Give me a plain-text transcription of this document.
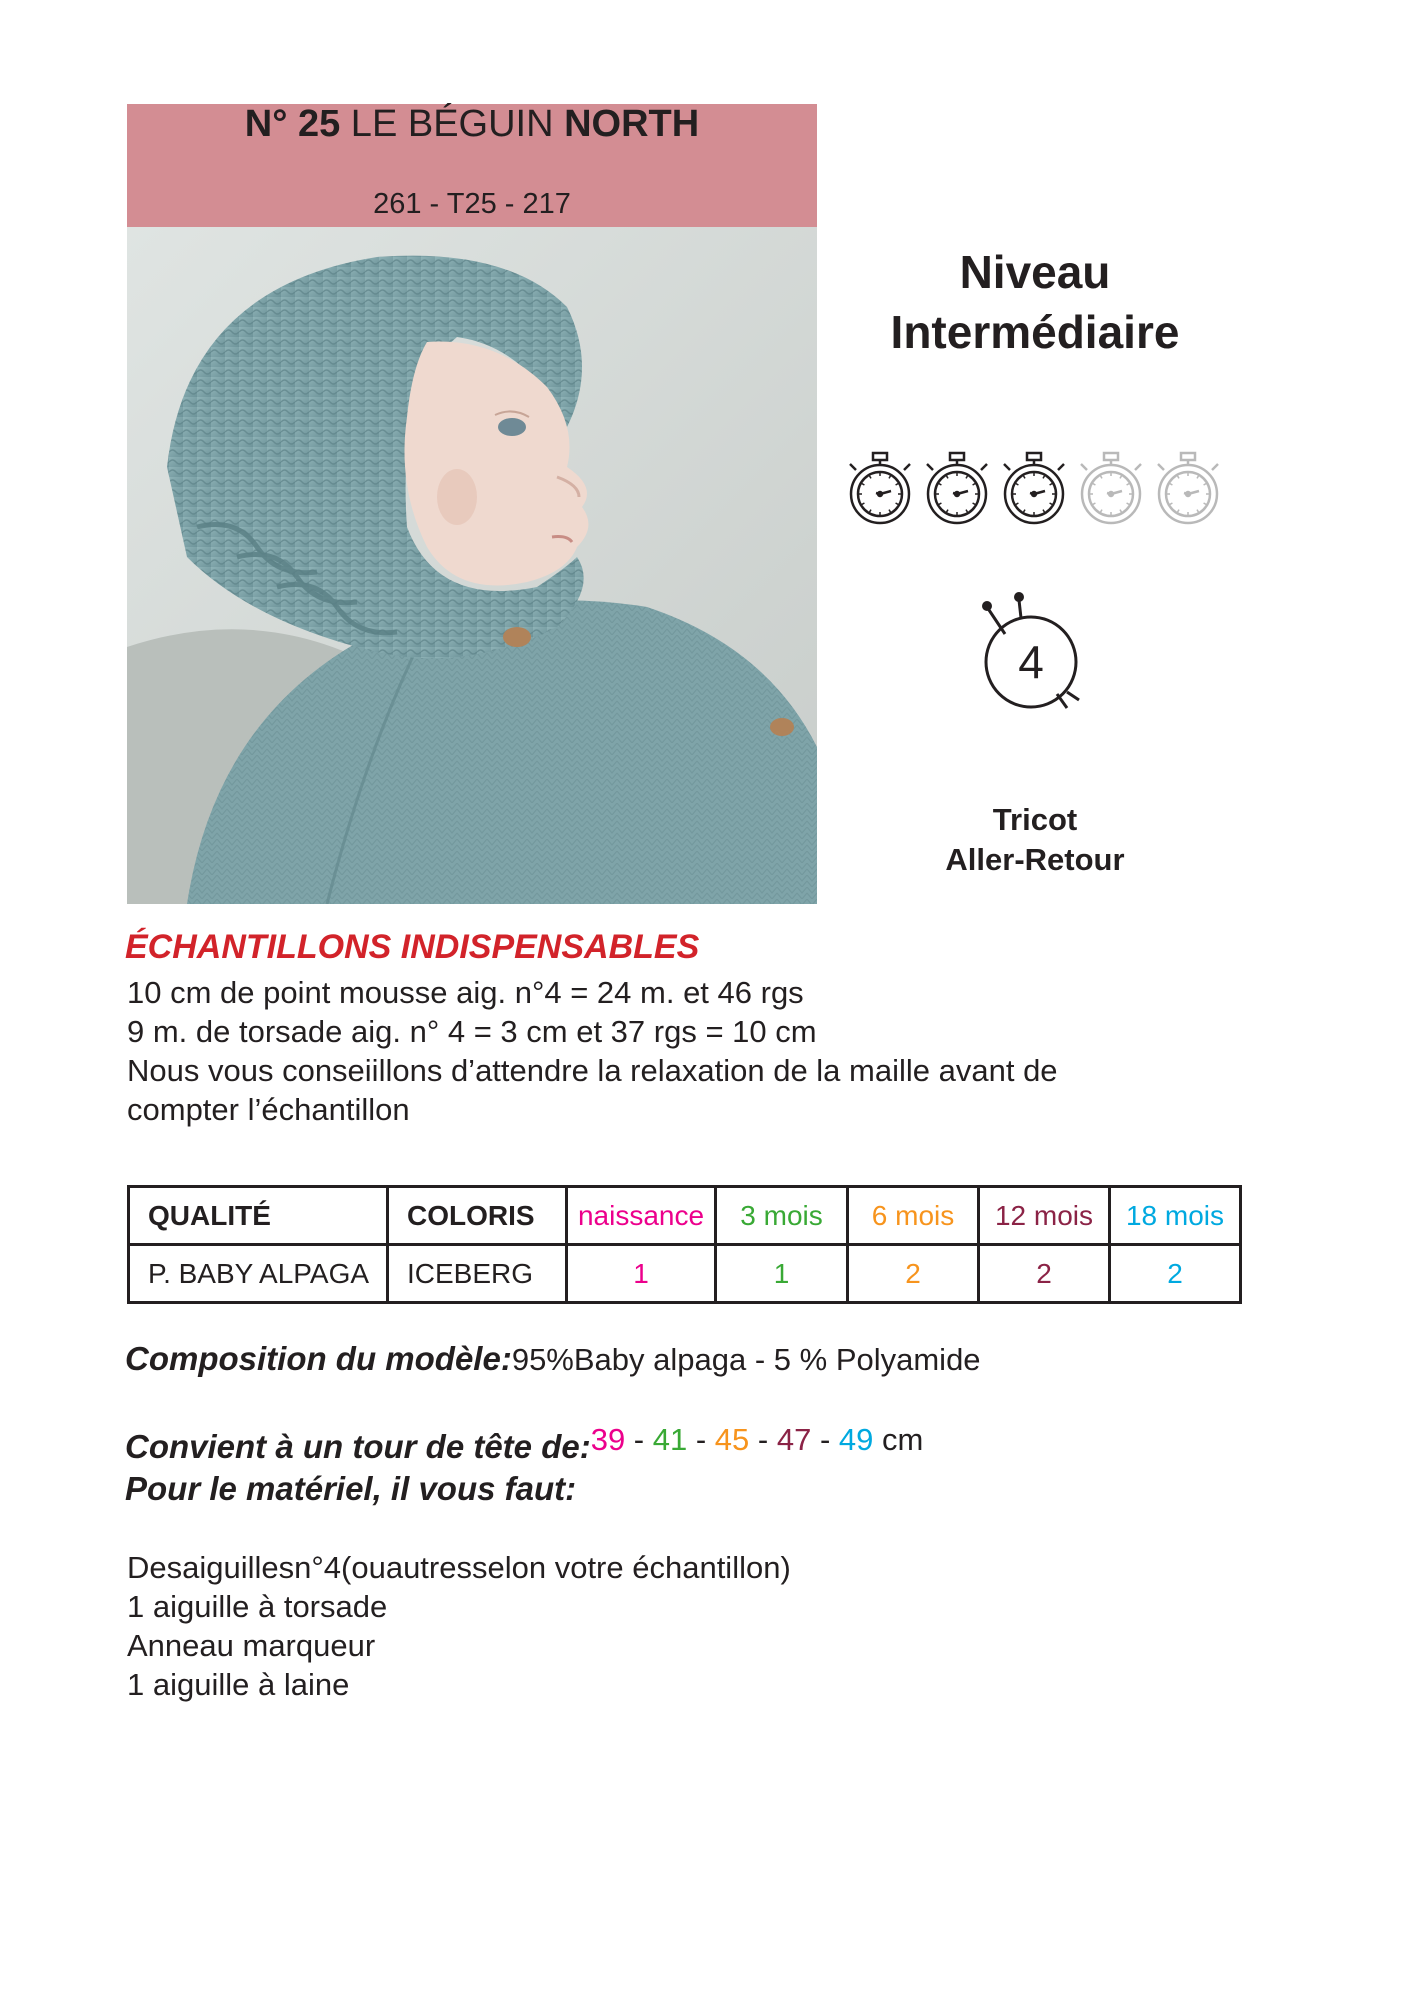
N° 25 LE BÉGUIN NORTH
261 - T25 - 217
Niveau
Intermédiaire
4
Tricot
Aller-Retour
ÉCHANTILLONS INDISPENSABLES
10 cm de point mousse aig. n°4 = 24 m. et 46 rgs
9 m. de torsade aig. n° 4 = 3 cm et 37 rgs = 10 cm
Nous vous conseiillons d’attendre la relaxation de la maille avant de
compter l’échantillon
QUALITÉ	COLORIS	naissance	3 mois	6 mois	12 mois	18 mois
P. BABY ALPAGA	ICEBERG	1	1	2	2	2
Composition du modèle:95%Baby alpaga - 5 % Polyamide
Convient à un tour de tête de:39 - 41 - 45 - 47 - 49 cm
Pour le matériel, il vous faut:
Desaiguillesn°4(ouautresselon votre échantillon)
1 aiguille à torsade
Anneau marqueur
1 aiguille à laine
